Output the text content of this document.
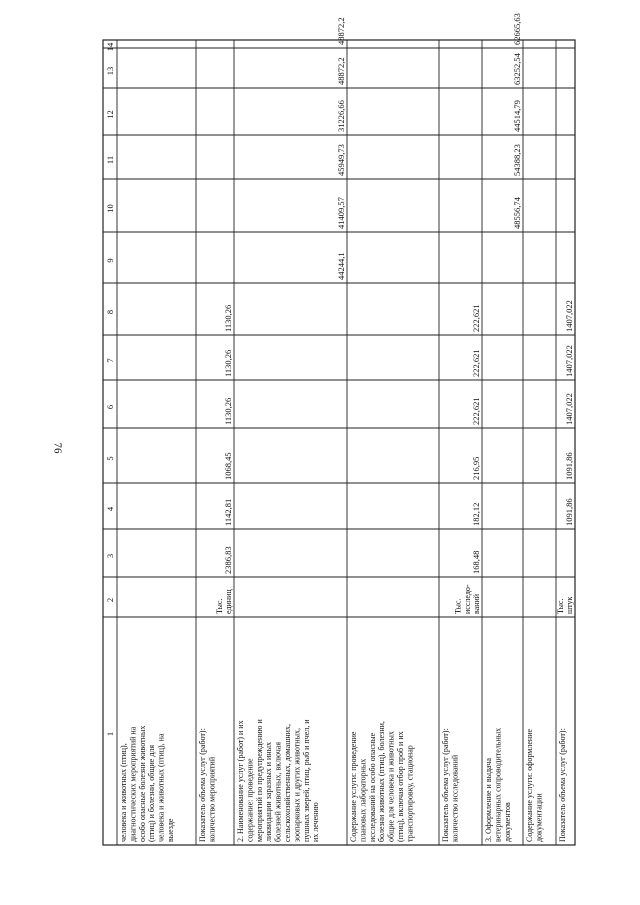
76
1
2
3
4
5
6
7
8
9
10
11
12
13
14
человека и животных (птиц), диагностических мероприятий на особо опасные болезни животных (птиц) и болезни, общие для человека и животных (птиц), на выезде	Показатель объема услуг (работ): количество мероприятий
Тыс. единиц
2386,83
1142,81
1068,45
1130,26
1130,26
1130,26
2. Наименование услуг (работ) и их содержание: проведение мероприятий по предупреждению и ликвидации заразных и иных болезней животных, включая сельскохозяйственных, домашних, зоопарковых и других животных, пушных зверей, птиц, рыб и пчел, и их лечению
44244,1
41409,57
45949,73
31226,66
48872,2
48872,2
Содержание услуги: проведение плановых лабораторных исследований на особо опасные болезни животных (птиц), болезни, общие для человека и животных (птиц), включая отбор проб и их транспортировку, стационар	Показатель объема услуг (работ): количество исследований
Тыс. исследо- ваний
168,48
182,12
216,95
222,621
222,621
222,621
3. Оформление и выдача ветеринарных сопроводительных документов
48556,74
54388,23
44514,79
63252,54
62665,63
Содержание услуги: оформление документации Показатель объема услуг (работ):
Тыс. штук
1091,86
1091,86
1407,022
1407,022
1407,022
